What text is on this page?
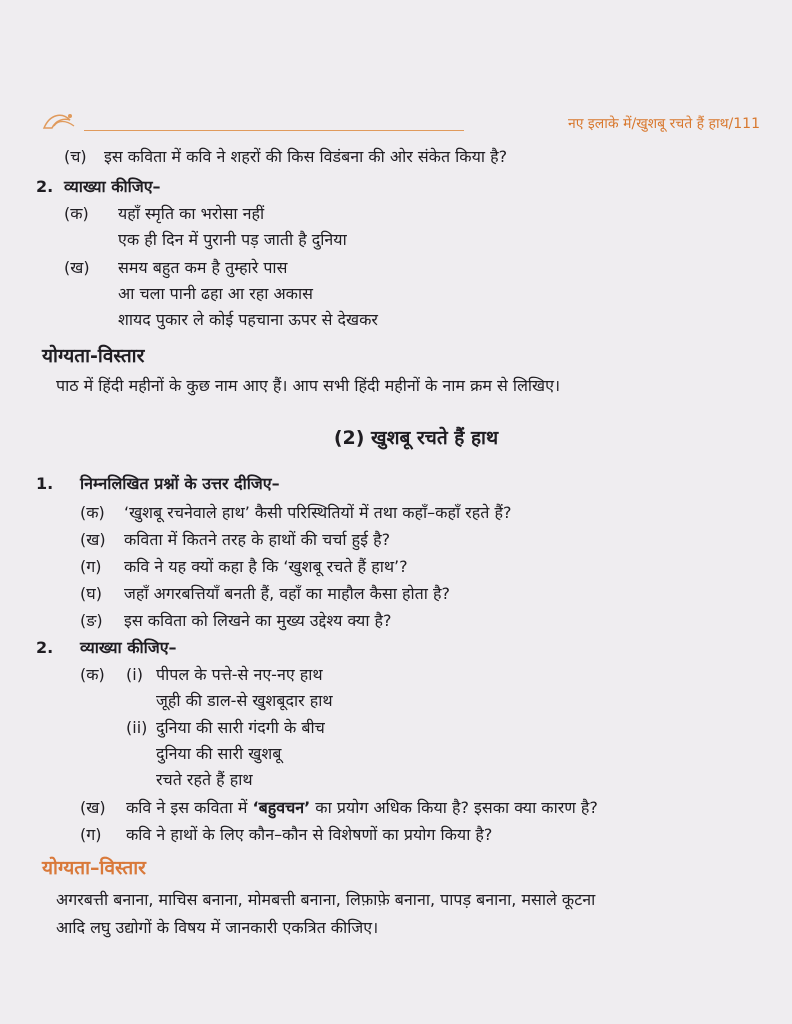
नए इलाके में/खुशबू रचते हैं हाथ/111
(च) इस कविता में कवि ने शहरों की किस विडंबना की ओर संकेत किया है?
2. व्याख्या कीजिए–
(क) यहाँ स्मृति का भरोसा नहीं
एक ही दिन में पुरानी पड़ जाती है दुनिया
(ख) समय बहुत कम है तुम्हारे पास
आ चला पानी ढहा आ रहा अकास
शायद पुकार ले कोई पहचाना ऊपर से देखकर
योग्यता-विस्तार
पाठ में हिंदी महीनों के कुछ नाम आए हैं। आप सभी हिंदी महीनों के नाम क्रम से लिखिए।
(2) खुशबू रचते हैं हाथ
1. निम्नलिखित प्रश्नों के उत्तर दीजिए–
(क) ‘खुशबू रचनेवाले हाथ’ कैसी परिस्थितियों में तथा कहाँ–कहाँ रहते हैं?
(ख) कविता में कितने तरह के हाथों की चर्चा हुई है?
(ग) कवि ने यह क्यों कहा है कि ‘खुशबू रचते हैं हाथ’?
(घ) जहाँ अगरबत्तियाँ बनती हैं, वहाँ का माहौल कैसा होता है?
(ङ) इस कविता को लिखने का मुख्य उद्देश्य क्या है?
2. व्याख्या कीजिए–
(क) (i) पीपल के पत्ते-से नए-नए हाथ
जूही की डाल-से खुशबूदार हाथ
(ii) दुनिया की सारी गंदगी के बीच
दुनिया की सारी खुशबू
रचते रहते हैं हाथ
(ख) कवि ने इस कविता में ‘बहुवचन’ का प्रयोग अधिक किया है? इसका क्या कारण है?
(ग) कवि ने हाथों के लिए कौन–कौन से विशेषणों का प्रयोग किया है?
योग्यता–विस्तार
अगरबत्ती बनाना, माचिस बनाना, मोमबत्ती बनाना, लिफ़ाफ़े बनाना, पापड़ बनाना, मसाले कूटना
आदि लघु उद्योगों के विषय में जानकारी एकत्रित कीजिए।
